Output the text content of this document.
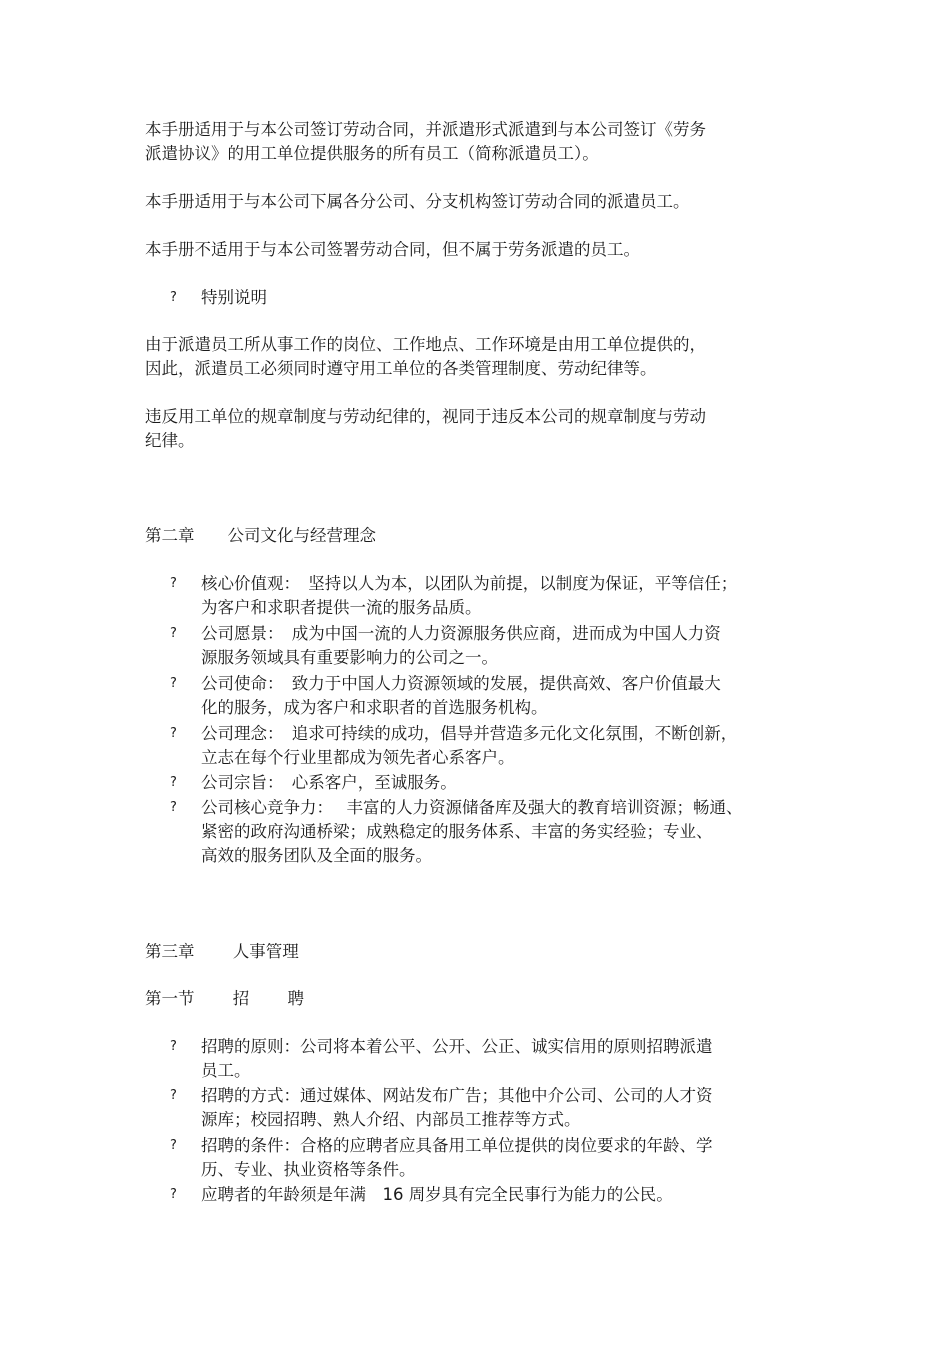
本手册适用于与本公司签订劳动合同，并派遣形式派遣到与本公司签订《劳务
派遣协议》的用工单位提供服务的所有员工（简称派遣员工）。

本手册适用于与本公司下属各分公司、分支机构签订劳动合同的派遣员工。

本手册不适用于与本公司签署劳动合同，但不属于劳务派遣的员工。

?	特别说明

由于派遣员工所从事工作的岗位、工作地点、工作环境是由用工单位提供的，
因此，派遣员工必须同时遵守用工单位的各类管理制度、劳动纪律等。

违反用工单位的规章制度与劳动纪律的，视同于违反本公司的规章制度与劳动
纪律。

第二章　　公司文化与经营理念
?	核心价值观：　坚持以人为本，以团队为前提，以制度为保证，平等信任；
为客户和求职者提供一流的服务品质。
?	公司愿景：　成为中国一流的人力资源服务供应商，进而成为中国人力资
源服务领域具有重要影响力的公司之一。
?	公司使命：　致力于中国人力资源领域的发展，提供高效、客户价值最大
化的服务，成为客户和求职者的首选服务机构。
?	公司理念：　追求可持续的成功，倡导并营造多元化文化氛围，不断创新，
立志在每个行业里都成为领先者心系客户。
?	公司宗旨：　心系客户，至诚服务。
?	公司核心竞争力：　 丰富的人力资源储备库及强大的教育培训资源；畅通、
紧密的政府沟通桥梁；成熟稳定的服务体系、丰富的务实经验；专业、
高效的服务团队及全面的服务。
第三章　　 人事管理
第一节　　 招　　 聘
?	招聘的原则：公司将本着公平、公开、公正、诚实信用的原则招聘派遣
员工。
?	招聘的方式：通过媒体、网站发布广告；其他中介公司、公司的人才资
源库；校园招聘、熟人介绍、内部员工推荐等方式。
?	招聘的条件：合格的应聘者应具备用工单位提供的岗位要求的年龄、学
历、专业、执业资格等条件。
?	应聘者的年龄须是年满　16 周岁具有完全民事行为能力的公民。
